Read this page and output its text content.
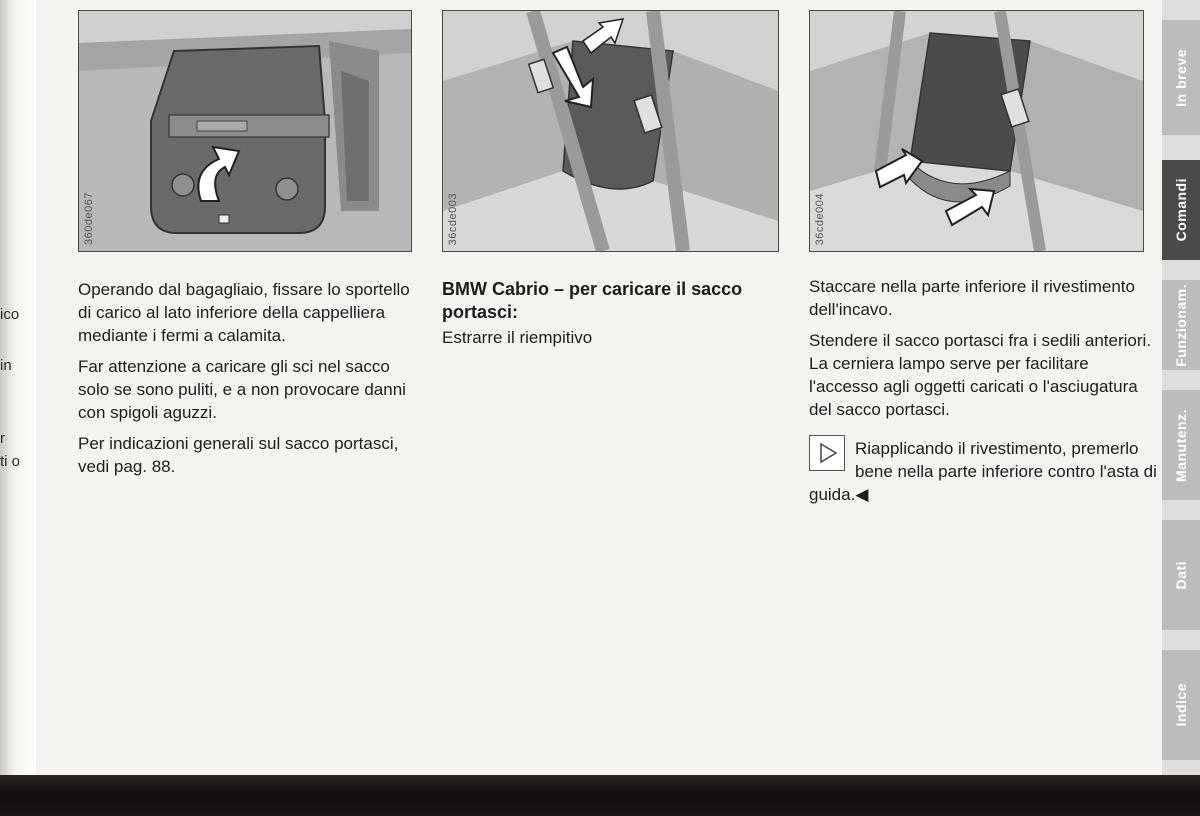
ico
in
r
ti o
360de067	36cde003	36cde004

Operando dal bagagliaio, fissare lo sportello di carico al lato inferiore della cappelliera mediante i fermi a calamita.

Far attenzione a caricare gli sci nel sacco solo se sono puliti, e a non provocare danni con spigoli aguzzi.

Per indicazioni generali sul sacco portasci, vedi pag. 88.

BMW Cabrio – per caricare il sacco portasci:

Estrarre il riempitivo

Staccare nella parte inferiore il rivestimento dell'incavo.

Stendere il sacco portasci fra i sedili anteriori. La cerniera lampo serve per facilitare l'accesso agli oggetti caricati o l'asciugatura del sacco portasci.

Riapplicando il rivestimento, premerlo bene nella parte inferiore contro l'asta di guida.◀
In breve
Comandi
Funzionam.
Manutenz.
Dati
Indice
